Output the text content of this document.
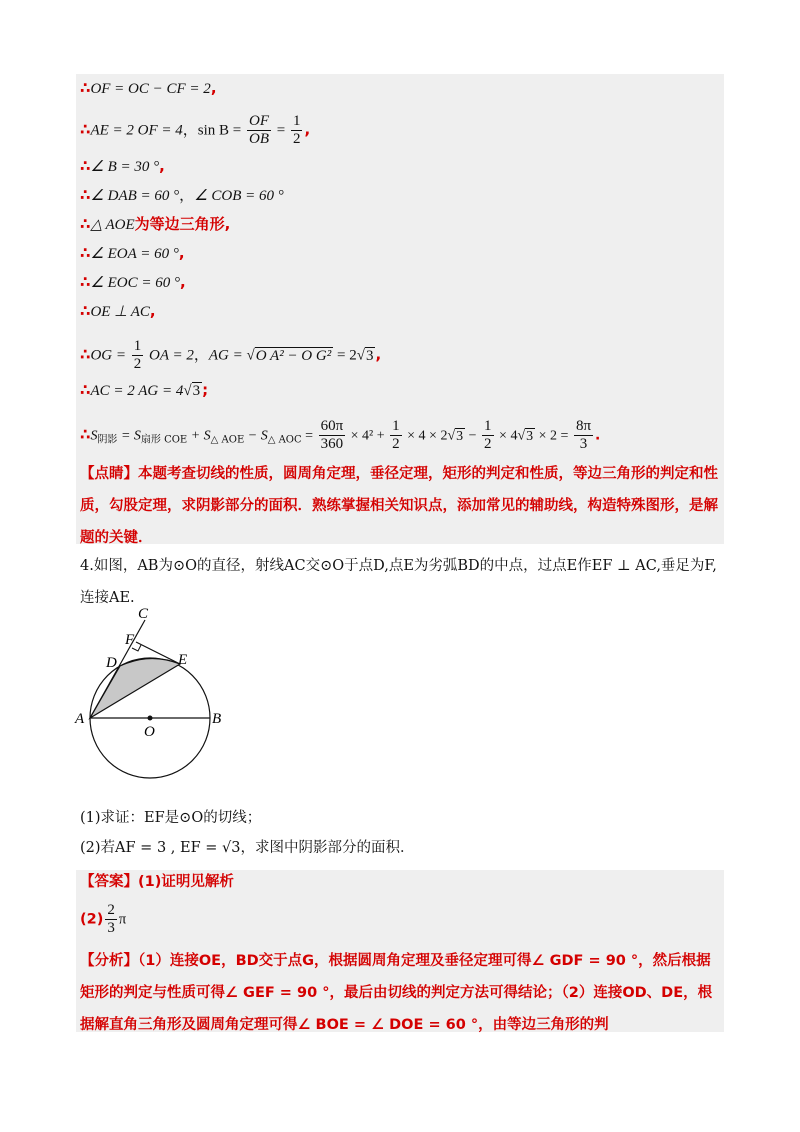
∴OF = OC − CF = 2,
∴AE = 2 OF = 4，$\sin B = \frac{OF}{OB} = \frac{1}{2}$ ,
∴∠ B = 30 °,
∴∠ DAB = 60 °，∠ COB = 60 °
∴△ AOE为等边三角形,
∴∠ EOA = 60 °,
∴∠ EOC = 60 °,
∴OE ⊥ AC,
∴OG = $\frac{1}{2}$ OA = 2，AG = √O A² − O G² = 2√3 ,
∴AC = 2 AG = 4√3 ;
$\therefore S_{阴影} = S_{扇形 COE} + S_{\triangle AOE} - S_{\triangle AOC} = \frac{60\pi}{360} \times 4^2 + \frac{1}{2} \times 4 \times 2√3 - \frac{1}{2} \times 4√3 \times 2 = \frac{8\pi}{3}$ .
【点睛】本题考查切线的性质，圆周角定理，垂径定理，矩形的判定和性质，等边三角形的判定和性质，勾股定理，求阴影部分的面积．熟练掌握相关知识点，添加常见的辅助线，构造特殊图形，是解题的关键．
4.如图，AB为⊙O的直径，射线AC交⊙O于点D,点E为劣弧BD的中点，过点E作EF ⊥ AC,垂足为F,连接AE.
C
F
D	E
A	B
O
(1)求证：EF是⊙O的切线；
(2)若AF = 3 , EF = √3，求图中阴影部分的面积．
【答案】(1)证明见解析
$(2) \frac{2}{3}$ π
【分析】（1）连接OE，BD交于点G，根据圆周角定理及垂径定理可得∠ GDF = 90 °，然后根据矩形的判定与性质可得∠ GEF = 90 °，最后由切线的判定方法可得结论；（2）连接OD、DE，根据解直角三角形及圆周角定理可得∠ BOE = ∠ DOE = 60 °，由等边三角形的判
